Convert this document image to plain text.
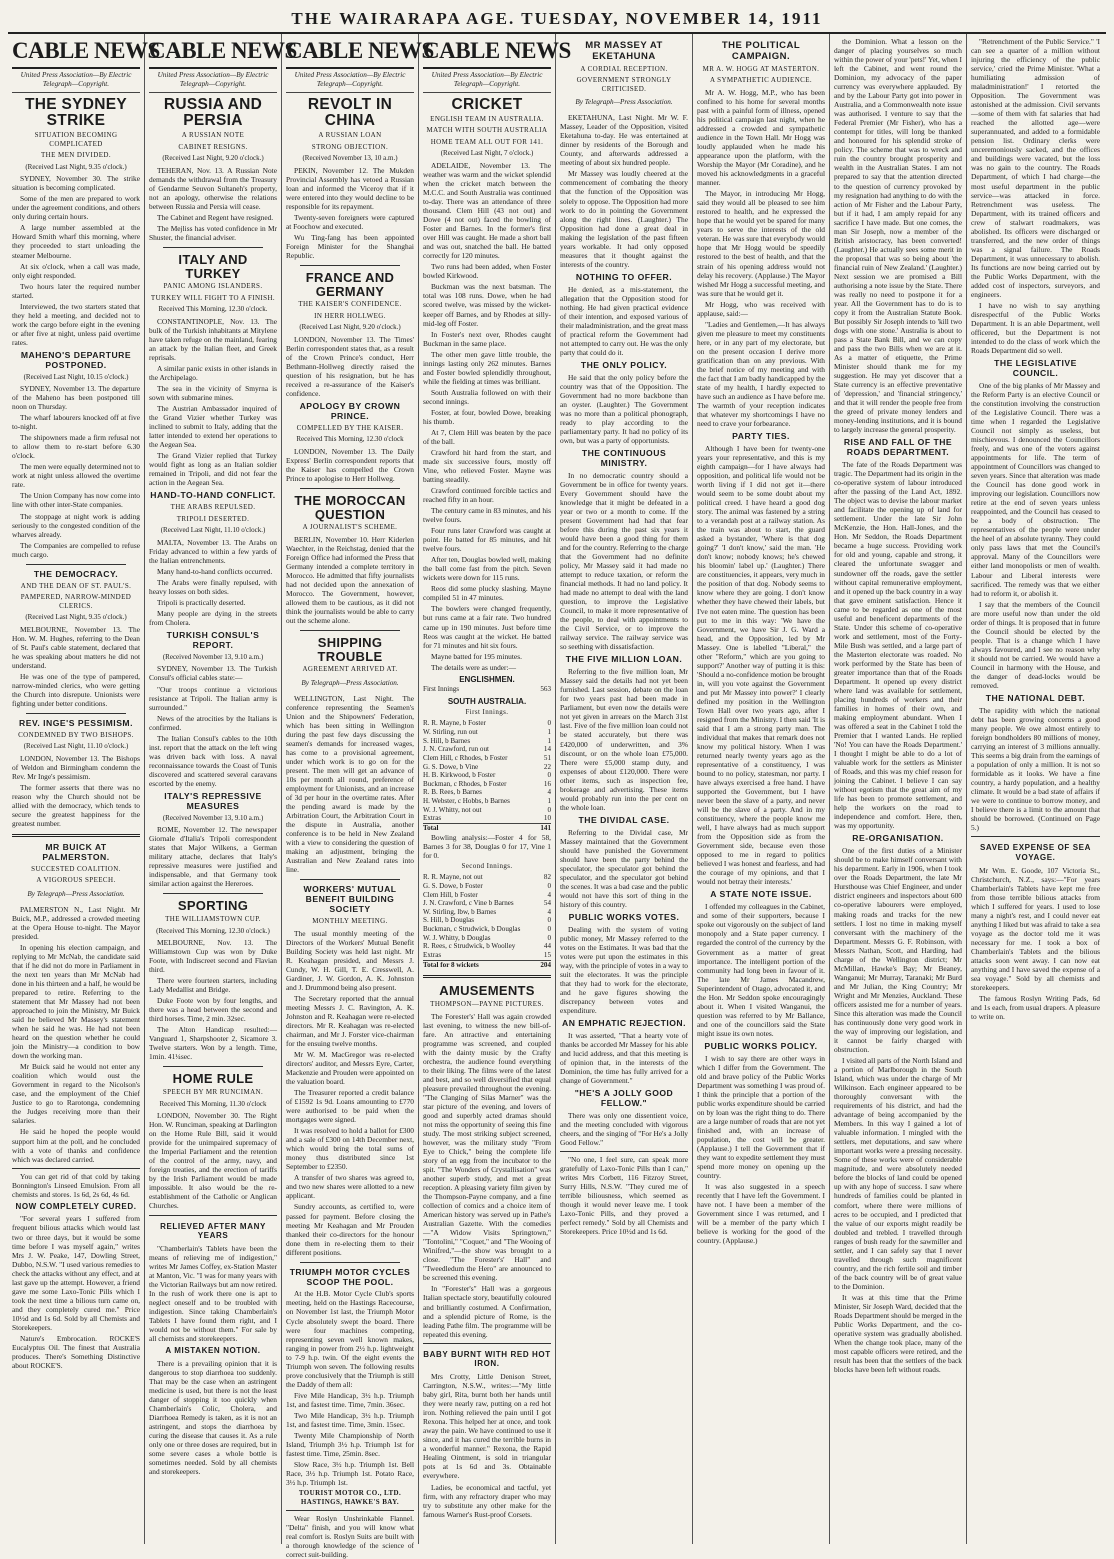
THE WAIRARAPA AGE. TUESDAY, NOVEMBER 14, 1911
CABLE NEWS
United Press Association—By Electric Telegraph—Copyright.
THE SYDNEY STRIKE
SITUATION BECOMING COMPLICATED
THE MEN DIVIDED.
(Received Last Night, 9.35 o'clock.)

SYDNEY, November 30. The strike situation is becoming complicated.

Some of the men are prepared to work under the agreement conditions, and others only during certain hours.

A large number assembled at the Howard Smith wharf this morning, where they proceeded to start unloading the steamer Melbourne.

At six o'clock, when a call was made, only eight responded.

Two hours later the required number started.

Interviewed, the two starters stated that they held a meeting, and decided not to work the cargo before eight in the evening or after five at night, unless paid overtime rates.

MAHENO'S DEPARTURE POSTPONED.
(Received Last Night, 10.15 o'clock.)

SYDNEY, November 13. The departure of the Maheno has been postponed till noon on Thursday.

The wharf labourers knocked off at five to-night.

The shipowners made a firm refusal not to allow them to re-start before 6.30 o'clock.

The men were equally determined not to work at night unless allowed the overtime rate.

The Union Company has now come into line with other inter-State companies.

The stoppage at night work is adding seriously to the congested condition of the wharves already.

The Companies are compelled to refuse much cargo.

THE DEMOCRACY.
AND THE DEAN OF ST. PAUL'S.
PAMPERED, NARROW-MINDED CLERICS.
(Received Last Night, 9.35 o'clock.)

MELBOURNE, November 13. The Hon. W. M. Hughes, referring to the Dean of St. Paul's cable statement, declared that he was speaking about matters he did not understand.

He was one of the type of pampered, narrow-minded clerics, who were getting the Church into disrepute. Unionists were fighting under better conditions.

REV. INGE'S PESSIMISM.
CONDEMNED BY TWO BISHOPS.
(Received Last Night, 11.10 o'clock.)

LONDON, November 13. The Bishops of Weldon and Birmingham condemn the Rev. Mr Inge's pessimism.

The former asserts that there was no reason why the Church should not be allied with the democracy, which tends to secure the greatest happiness for the greatest number.

MR BUICK AT PALMERSTON.
SUCCESTED COALITION.
A VIGOROUS SPEECH.
By Telegraph—Press Association.

PALMERSTON N., Last Night. Mr Buick, M.P., addressed a crowded meeting at the Opera House to-night. The Mayor presided.

In opening his election campaign, and replying to Mr McNab, the candidate said that if he did not do more in Parliament in the next ten years than Mr McNab had done in his thirteen and a half, he would be prepared to retire. Referring to the statement that Mr Massey had not been approached to join the Ministry, Mr Buick said he believed Mr Massey's statement when he said he was. He had not been heard on the question whether he could join the Ministry—a condition to bow down the working man.

Mr Buick said he would not enter any coalition which would oust the Government in regard to the Nicolson's case, and the employment of the Chief Justice to go to Rarotonga, condemning the Judges receiving more than their salaries.

He said he hoped the people would support him at the poll, and he concluded with a vote of thanks and confidence which was declared carried.

You can get rid of that cold by taking Bonnington's Linseed Emulsion. From all chemists and stores. 1s 6d, 2s 6d, 4s 6d.

NOW COMPLETELY CURED.

"For several years I suffered from frequent bilious attacks which would last two or three days, but it would be some time before I was myself again," writes Mrs J. W. Peake, 147, Dowling Street, Dubbo, N.S.W. "I used various remedies to check the attacks without any effect, and at last gave up the attempt. However, a friend gave me some Laxo-Tonic Pills which I took the next time a bilious turn came on, and they completely cured me." Price 10½d and 1s 6d. Sold by all Chemists and Storekeepers.

Nature's Embrocation. ROCKE'S Eucalyptus Oil. The finest that Australia produces. There's Something Distinctive about ROCKE'S.

CABLE NEWS
United Press Association—By Electric Telegraph—Copyright.
RUSSIA AND PERSIA
A RUSSIAN NOTE
CABINET RESIGNS.
(Received Last Night, 9.20 o'clock.)

TEHERAN, Nov. 13. A Russian Note demands the withdrawal from the Treasury of Gendarme Seuvon Sultaneh's property, not an apology, otherwise the relations between Russia and Persia will cease.

The Cabinet and Regent have resigned.

The Mejliss has voted confidence in Mr Shuster, the financial adviser.

ITALY AND TURKEY
PANIC AMONG ISLANDERS.
TURKEY WILL FIGHT TO A FINISH.
Received This Morning, 12.30 o'clock.

CONSTANTINOPLE, Nov. 13. The bulk of the Turkish inhabitants at Mitylene have taken refuge on the mainland, fearing an attack by the Italian fleet, and Greek reprisals.

A similar panic exists in other islands in the Archipelago.

The sea in the vicinity of Smyrna is sown with submarine mines.

The Austrian Ambassador inquired of the Grand Vizier whether Turkey was inclined to submit to Italy, adding that the latter intended to extend her operations to the Aegean Sea.

The Grand Vizier replied that Turkey would fight as long as an Italian soldier remained in Tripoli, and did not fear the action in the Aegean Sea.

HAND-TO-HAND CONFLICT.
THE ARABS REPULSED.
TRIPOLI DESERTED.
(Received Last Night, 11.10 o'clock.)

MALTA, November 13. The Arabs on Friday advanced to within a few yards of the Italian entrenchments.

Many hand-to-hand conflicts occurred.

The Arabs were finally repulsed, with heavy losses on both sides.

Tripoli is practically deserted.

Many people are dying in the streets from Cholera.

TURKISH CONSUL'S REPORT.
(Received November 13, 9.10 a.m.)

SYDNEY, November 13. The Turkish Consul's official cables state:—

"Our troops continue a victorious resistance at Tripoli. The Italian army is surrounded."

News of the atrocities by the Italians is confirmed.

The Italian Consul's cables to the 10th inst. report that the attack on the left wing was driven back with loss. A naval reconnaissance towards the Coast of Tunis discovered and scattered several caravans escorted by the enemy.

ITALY'S REPRESSIVE MEASURES
(Received November 13, 9.10 a.m.)

ROME, November 12. The newspaper Giornale d'Italia's Tripoli correspondent states that Major Wilkens, a German military attache, declares that Italy's repressive measures were justified and indispensable, and that Germany took similar action against the Hereroes.

SPORTING
THE WILLIAMSTOWN CUP.
(Received This Morning, 12.30 o'clock.)

MELBOURNE, Nov. 13. The Williamstown Cup was won by Duke Foote, with Indiscreet second and Flavian third.

There were fourteen starters, including Lady Medallist and Bridge.

Duke Foote won by four lengths, and there was a head between the second and third horses. Time, 2 min. 32sec.

The Alton Handicap resulted:—Vanguard 1, Sharpshooter 2, Sicamore 3. Twelve starters. Won by a length. Time, 1min. 41¼sec.

HOME RULE
SPEECH BY MR RUNCIMAN.
Received This Morning, 11.30 o'clock

LONDON, November 30. The Right Hon. W. Runciman, speaking at Darlington on the Home Rule Bill, said it would provide for the unimpaired supremacy of the Imperial Parliament and the retention of the control of the army, navy, and foreign treaties, and the erection of tariffs by the Irish Parliament would be made impossible. It also would be the re-establishment of the Catholic or Anglican Churches.

RELIEVED AFTER MANY YEARS

"Chamberlain's Tablets have been the means of relieving me of indigestion," writes Mr James Coffey, ex-Station Master at Manton, Vic. "I was for many years with the Victorian Railways but am now retired. In the rush of work there one is apt to neglect oneself and to be troubled with indigestion. Since taking Chamberlain's Tablets I have found them right, and I would not be without them." For sale by all chemists and storekeepers.

A MISTAKEN NOTION.

There is a prevailing opinion that it is dangerous to stop diarrhoea too suddenly. That may be the case when an astringent medicine is used, but there is not the least danger of stopping it too quickly when Chamberlain's Colic, Cholera, and Diarrhoea Remedy is taken, as it is not an astringent, and stops the diarrhoea by curing the disease that causes it. As a rule only one or three doses are required, but in some severe cases a whole bottle is sometimes needed. Sold by all chemists and storekeepers.

CABLE NEWS
United Press Association—By Electric Telegraph—Copyright.
REVOLT IN CHINA
A RUSSIAN LOAN
STRONG OBJECTION.
(Received November 13, 10 a.m.)

PEKIN, November 12. The Mukden Provincial Assembly has vetoed a Russian loan and informed the Viceroy that if it were entered into they would decline to be responsible for its repayment.

Twenty-seven foreigners were captured at Foochow and executed.

Wu Ting-fang has been appointed Foreign Minister for the Shanghai Republic.

FRANCE AND GERMANY
THE KAISER'S CONFIDENCE.
IN HERR HOLLWEG.
(Received Last Night, 9.20 o'clock.)

LONDON, November 13. The Times' Berlin correspondent states that, as a result of the Crown Prince's conduct, Herr Bethmann-Hollweg directly raised the question of his resignation, but he has received a re-assurance of the Kaiser's confidence.

APOLOGY BY CROWN PRINCE.
COMPELLED BY THE KAISER.
Received This Morning, 12.30 o'clock

LONDON, November 13. The Daily Express' Berlin correspondent reports that the Kaiser has compelled the Crown Prince to apologise to Herr Hollweg.

THE MOROCCAN QUESTION
A JOURNALIST'S SCHEME.

BERLIN, November 10. Herr Kiderlen Waechter, in the Reichstag, denied that the Foreign Office had informed the Press that Germany intended a complete territory in Morocco. He admitted that fifty journalists had not decided upon the annexation of Morocco. The Government, however, allowed them to be cautious, as it did not think the journalists would be able to carry out the scheme alone.

SHIPPING TROUBLE
AGREEMENT ARRIVED AT.
By Telegraph—Press Association.

WELLINGTON, Last Night. The conference representing the Seamen's Union and the Shipowners' Federation, which has been sitting in Wellington during the past few days discussing the seamen's demands for increased wages, has come to a provisional agreement, under which work is to go on for the present. The men will get an advance of 10s per month all round, preference of employment for Unionists, and an increase of 3d per hour in the overtime rates. After the pending award is made by the Arbitration Court, the Arbitration Court in the dispute in Australia, another conference is to be held in New Zealand with a view to considering the question of making an adjustment, bringing the Australian and New Zealand rates into line.

WORKERS' MUTUAL BENEFIT BUILDING SOCIETY
MONTHLY MEETING.

The usual monthly meeting of the Directors of the Workers' Mutual Benefit Building Society was held last night. Mr R. Keahagan presided, and Messrs J. Cundy, W. H. Gill, T. E. Cresswell, A. Gardiner, J. W. Gordon, A. K. Johnston and J. Drummond being also present.

The Secretary reported that the annual meeting Messrs J. C. Ravington, A. K. Johnston and R. Keahagan were re-elected directors. Mr R. Keahagan was re-elected chairman, and Mr J. Forster vice-chairman for the ensuing twelve months.

Mr W. M. MacGregor was re-elected directors' auditor, and Messrs Eyre, Carter, Mackenzie and Prouden were appointed on the valuation board.

The Treasurer reported a credit balance of £1592 1s 9d. Loans amounting to £770 were authorised to be paid when the mortgages were signed.

It was resolved to hold a ballot for £300 and a sale of £300 on 14th December next, which would bring the total sums of money thus distributed since 1st September to £2350.

A transfer of two shares was agreed to, and two new shares were allotted to a new applicant.

Sundry accounts, as certified to, were passed for payment. Before closing the meeting Mr Keahagan and Mr Prouden thanked their co-directors for the honour done them in re-electing them to their different positions.

TRIUMPH MOTOR CYCLES SCOOP THE POOL.

At the H.B. Motor Cycle Club's sports meeting, held on the Hastings Racecourse, on November 1st last, the Triumph Motor Cycle absolutely swept the board. There were four machines competing, representing seven well known makes, ranging in power from 2½ h.p. lightweight to 7-9 h.p. twin. Of the eight events the Triumph won seven. The following results prove conclusively that the Triumph is still the Daddy of them all:

Five Mile Handicap, 3½ h.p. Triumph 1st, and fastest time. Time, 7min. 36sec.

Two Mile Handicap, 3½ h.p. Triumph 1st, and fastest time. Time, 3min. 15sec.

Twenty Mile Championship of North Island, Triumph 3½ h.p. Triumph 1st for fastest time. Time, 25min. 8sec.

Slow Race, 3½ h.p. Triumph 1st. Bell Race, 3½ h.p. Triumph 1st. Potato Race, 3½ h.p. Triumph 1st.

TOURIST MOTOR CO., LTD. HASTINGS, HAWKE'S BAY.

Wear Roslyn Unshrinkable Flannel. "Delta" finish, and you will know what real comfort is. Roslyn Suits are built with a thorough knowledge of the science of correct suit-building.

CABLE NEWS
United Press Association—By Electric Telegraph—Copyright.
CRICKET
ENGLISH TEAM IN AUSTRALIA.
MATCH WITH SOUTH AUSTRALIA
HOME TEAM ALL OUT FOR 141.
(Received Last Night, 7 o'clock.)

ADELAIDE, November 13. The weather was warm and the wicket splendid when the cricket match between the M.C.C. and South Australia was continued to-day. There was an attendance of three thousand. Clem Hill (43 not out) and Dowe (4 not out) faced the bowling of Foster and Barnes. In the former's first over Hill was caught. He made a short ball and was out, snatched the ball. He batted correctly for 120 minutes.

Two runs had been added, when Foster bowled Kirkwood.

Buckman was the next batsman. The total was 108 runs. Dowe, when he had scored twelve, was missed by the wicket-keeper off Barnes, and by Rhodes at silly-mid-leg off Foster.

In Foster's next over, Rhodes caught Buckman in the same place.

The other men gave little trouble, the innings lasting only 262 minutes. Barnes and Foster bowled splendidly throughout, while the fielding at times was brilliant.

South Australia followed on with their second innings.

Foster, at four, bowled Dowe, breaking his thumb.

At 7, Clem Hill was beaten by the pace of the ball.

Crawford hit hard from the start, and made six successive fours, mostly off Vine, who relieved Foster. Mayne was batting steadily.

Crawford continued forcible tactics and reached fifty in an hour.

The century came in 83 minutes, and his twelve fours.

Four runs later Crawford was caught at point. He batted for 85 minutes, and hit twelve fours.

After ten, Douglas bowled well, making the ball come fast from the pitch. Seven wickets were down for 115 runs.

Reos did some plucky slashing. Mayne compiled 51 in 47 minutes.

The bowlers were changed frequently, but runs came at a fair rate. Two hundred came up in 190 minutes. Just before time Reos was caught at the wicket. He batted for 71 minutes and hit six fours.

Mayne batted for 195 minutes.

The details were as under:—

ENGLISHMEN.
First Innings	563
SOUTH AUSTRALIA.
First Innings.
R. R. Mayne, b Foster	0
W. Stirling, run out	1
S. Hill, b Barnes	1
J. N. Crawford, run out	14
Clem Hill, c Rhodes, b Foster	51
G. S. Dowe, b Vine	22
H. B. Kirkwood, b Foster	0
Buckman, c Rhodes, b Foster	16
R. B. Rees, b Barnes	4
H. Webster, c Hobbs, b Barnes	1
W. J. Whitty, not out	0
Extras	10
Total	141

Bowling analysis:—Foster 4 for 58, Barnes 3 for 38, Douglas 0 for 17, Vine 1 for 0.

Second Innings.
R. R. Mayne, not out	82
G. S. Dowe, b Foster	0
Clem Hill, b Foster	4
J. N. Crawford, c Vine b Barnes	54
W. Stirling, lbw, b Barnes	4
S. Hill, b Douglas	0
Buckman, c Strudwick, b Douglas	0
W. J. Whitty, b Douglas	0
R. Rees, c Strudwick, b Woolley	44
Extras	15
Total for 8 wickets	204
AMUSEMENTS
THOMPSON—PAYNE PICTURES.

The Forester's' Hall was again crowded last evening, to witness the new bill-of-fare. An attractive and entertaining programme was screened, and coupled with the dainty music by the Crafty orchestra, the audience found everything to their liking. The films were of the latest and best, and so well diversified that equal pleasure prevailed throughout the evening. "The Clanging of Silas Marner" was the star picture of the evening, and lovers of good and superbly acted dramas should not miss the opportunity of seeing this fine study. The most striking subject screened, however, was the military study "From Eye to Chick," being the complete life story of an egg from the incubator to the spit. "The Wonders of Crystallisation" was another superb study, and met a great reception. A pleasing variety film given by the Thompson-Payne company, and a fine collection of comics and a choice item of American history was served up in Pathe's Australian Gazette. With the comedies—"A Widow Visits Springtown," "Tontolini," "Coquet," and "The Wooing of Winifred,"—the show was brought to a close. "The Forester's' Hall" and "Tweedledum the Hero" are announced to be screened this evening.

In "Forester's" Hall was a gorgeous Italian spectacle story, beautifully coloured and brilliantly costumed. A Confirmation, and a splendid picture of Rome, is the leading Pathe film. The programme will be repeated this evening.

BABY BURNT WITH RED HOT IRON.

Mrs Crotty, Little Denison Street, Carrington, N.S.W., writes:—"My little baby girl, Rita, burnt both her hands until they were nearly raw, putting on a red hot iron. Nothing relieved the pain until I got Rexona. This helped her at once, and took away the pain. We have continued to use it since, and it has cured the terrible burns in a wonderful manner." Rexona, the Rapid Healing Ointment, is sold in triangular pots at 1s 6d and 3s. Obtainable everywhere.

Ladies, be economical and tactful, yet firm, with any refractory draper who may try to substitute any other make for the famous Warner's Rust-proof Corsets.

MR MASSEY AT EKETAHUNA
A CORDIAL RECEPTION.
GOVERNMENT STRONGLY CRITICISED.
By Telegraph—Press Association.

EKETAHUNA, Last Night. Mr W. F. Massey, Leader of the Opposition, visited Eketahuna to-day. He was entertained at dinner by residents of the Borough and County, and afterwards addressed a meeting of about six hundred people.

Mr Massey was loudly cheered at the commencement of combating the theory that the function of the Opposition was solely to oppose. The Opposition had more work to do in pointing the Government along the right lines. (Laughter.) The Opposition had done a great deal in making the legislation of the past fifteen years workable. It had only opposed measures that it thought against the interests of the country.

NOTHING TO OFFER.

He denied, as a mis-statement, the allegation that the Opposition stood for nothing. He had given practical evidence of their intention, and exposed various of their maladministration, and the great mass of practical reform the Government had not attempted to carry out. He was the only party that could do it.

THE ONLY POLICY.

He said that the only policy before the country was that of the Opposition. The Government had no more backbone than an oyster. (Laughter.) The Government was no more than a political phonograph, ready to play according to the parliamentary party. It had no policy of its own, but was a party of opportunists.

THE CONTINUOUS MINISTRY.

In no democratic country should a Government be in office for twenty years. Every Government should have the knowledge that it might be defeated in a year or two or a month to come. If the present Government had had that fear before this during the past six years it would have been a good thing for them and for the country. Referring to the charge that the Government had no definite policy, Mr Massey said it had made no attempt to reduce taxation, or reform the financial methods. It had no land policy. It had made no attempt to deal with the land question, to improve the Legislative Council, to make it more representative of the people, to deal with appointments to the Civil Service, or to improve the railway service. The railway service was so seething with dissatisfaction.

THE FIVE MILLION LOAN.

Referring to the five million loan, Mr Massey said the details had not yet been furnished. Last session, debate on the loan for two years past had been made in Parliament, but even now the details were not yet given in arrears on the March 31st last. Five of the five million loan could not be stated accurately, but there was £420,000 of underwritten, and 3% discount, or on the whole loan £75,000. There were £5,000 stamp duty, and expenses of about £120,000. There were other items, such as inspection fee, brokerage and advertising. These items would probably run into the per cent on the whole loan.

THE DIVIDAL CASE.

Referring to the Dividal case, Mr Massey maintained that the Government should have punished the Government should have been the party behind the speculator, the speculator got behind the speculator, and the speculator got behind the scenes. It was a bad case and the public would not have this sort of thing in the history of this country.

PUBLIC WORKS VOTES.

Dealing with the system of voting public money, Mr Massey referred to the votes on the Estimates. It was bad that the votes were put upon the estimates in this way, with the principle of votes in a way to suit the electorates. It was the principle that they had to work for the electorate, and he gave figures showing the discrepancy between votes and expenditure.

AN EMPHATIC REJECTION.

It was asserted, "That a hearty vote of thanks be accorded Mr Massey for his able and lucid address, and that this meeting is of opinion that, in the interests of the Dominion, the time has fully arrived for a change of Government."

"HE'S A JOLLY GOOD FELLOW."

There was only one dissentient voice, and the meeting concluded with vigorous cheers, and the singing of "For He's a Jolly Good Fellow."

"No one, I feel sure, can speak more gratefully of Laxo-Tonic Pills than I can," writes Mrs Corbett, 116 Fitzroy Street, Surry Hills, N.S.W. "They cured me of terrible biliousness, which seemed as though it would never leave me. I took Laxo-Tonic Pills, and they proved a perfect remedy." Sold by all Chemists and Storekeepers. Price 10½d and 1s 6d.

THE POLITICAL CAMPAIGN.
MR A. W. HOGG AT MASTERTON.
A SYMPATHETIC AUDIENCE.

Mr A. W. Hogg, M.P., who has been confined to his home for several months past with a painful form of illness, opened his political campaign last night, when he addressed a crowded and sympathetic audience in the Town Hall. Mr Hogg was loudly applauded when he made his appearance upon the platform, with the Worship the Mayor (Mr Coradine), and he moved his acknowledgments in a graceful manner.

The Mayor, in introducing Mr Hogg, said they would all be pleased to see him restored to health, and he expressed the hope that he would yet be spared for many years to serve the interests of the old veteran. He was sure that everybody would hope that Mr Hogg would be speedily restored to the best of health, and that the strain of his opening address would not delay his recovery. (Applause.) The Mayor wished Mr Hogg a successful meeting, and was sure that he would get it.

Mr Hogg, who was received with applause, said:—

"Ladies and Gentlemen,—It has always given me pleasure to meet my constituents here, or in any part of my electorate, but on the present occasion I derive more gratification than on any previous. With the brief notice of my meeting and with the fact that I am badly handicapped by the state of my health, I hardly expected to have such an audience as I have before me. The warmth of your reception indicates that whatever my shortcomings I have no need to crave your forbearance.

PARTY TIES.

Although I have been for twenty-one years your representative, and this is my eighth campaign—for I have always had opposition, and political life would not be worth living if I did not get it—there would seem to be some doubt about my political creed. I have heard a good dog story. The animal was fastened by a string to a verandah post at a railway station. As the train was about to start, the guard asked a bystander, 'Where is that dog going?' 'I don't know,' said the man. 'He don't know; nobody knows; he's chewed his bloomin' label up.' (Laughter.) There are constituencies, it appears, very much in the position of that dog. Nobody seems to know where they are going. I don't know whether they have chewed their labels, but I've not eaten mine. The question has been put to me in this way: 'We have the Government, we have Sir J. G. Ward a head, and the Opposition, led by Mr Massey. One is labelled "Liberal," the other "Reform," which are you going to support?' Another way of putting it is this: 'Should a no-confidence motion be brought in, will you vote against the Government and put Mr Massey into power?' I clearly defined my position in the Wellington Town Hall over two years ago, after I resigned from the Ministry. I then said 'It is said that I am a strong party man. The individual that makes that remark does not know my political history. When I was returned nearly twenty years ago as the representative of a constituency, I was bound to no policy, statesman, nor party. I have always exercised a free hand. I have supported the Government, but I have never been the slave of a party, and never will be the slave of a party. And in my constituency, where the people know me well, I have always had as much support from the Opposition side as from the Government side, because even those opposed to me in regard to politics believed I was honest and fearless, and had the courage of my opinions, and that I would not betray their interests.'

A STATE NOTE ISSUE.

I offended my colleagues in the Cabinet, and some of their supporters, because I spoke out vigorously on the subject of land monopoly and a State paper currency. I regarded the control of the currency by the Government as a matter of great importance. The intelligent portion of the community had long been in favour of it. The late Mr James Macandrew, Superintendent of Otago, advocated it, and the Hon. Mr Seddon spoke encouragingly about it. When I visited Wanganui, the question was referred to by Mr Ballance, and one of the councillors said the State might issue its own notes.

PUBLIC WORKS POLICY.

I wish to say there are other ways in which I differ from the Government. The old and brave policy of the Public Works Department was something I was proud of. I think the principle that a portion of the public works expenditure should be carried on by loan was the right thing to do. There are a large number of roads that are not yet finished and, with an increase of population, the cost will be greater. (Applause.) I tell the Government that if they want to expedite settlement they must spend more money on opening up the country.

It was also suggested in a speech recently that I have left the Government. I have not. I have been a member of the Government since I was returned, and I will be a member of the party which I believe is working for the good of the country. (Applause.)

the Dominion. What a lesson on the danger of placing yourselves so much within the power of your 'pets!' Yet, when I left the Cabinet, and went round the Dominion, my advocacy of the paper currency was everywhere applauded. By and by the Labour Party got into power in Australia, and a Commonwealth note issue was authorised. I venture to say that the Federal Premier (Mr Fisher), who has a contempt for titles, will long be thanked and honoured for his splendid stroke of policy. The scheme that was to wreck and ruin the country brought prosperity and wealth in the Australian States. I am not prepared to say that the attention directed to the question of currency provoked by my resignation had anything to do with the action of Mr Fisher and the Labour Party, but if it had, I am amply repaid for any sacrifice I have made. But one comes, the man Sir Joseph, now a member of the British aristocracy, has been converted! (Laughter.) He actually sees some merit in the proposal that was so being about 'the financial ruin of New Zealand.' (Laughter.) Next session we are promised a Bill authorising a note issue by the State. There was really no need to postpone it for a year. All the Government has to do is to copy it from the Australian Statute Book. But possibly Sir Joseph intends to 'kill two dogs with one stone.' Australia is about to pass a State Bank Bill, and we can copy and pass the two Bills when we are at it. As a matter of etiquette, the Prime Minister should thank me for my suggestion. He may yet discover that a State currency is an effective preventative of 'depression,' and 'financial stringency,' and that it will render the people free from the greed of private money lenders and money-lending institutions, and it is bound to largely increase the general prosperity.

RISE AND FALL OF THE ROADS DEPARTMENT.

The fate of the Roads Department was tragic. The Department had its origin in the co-operative system of labour introduced after the passing of the Land Act, 1892. The object was to devise the labour market and facilitate the opening up of land for settlement. Under the late Sir John McKenzie, the Hon. Hall-Jones, and the Hon. Mr Seddon, the Roads Department became a huge success. Providing work for old and young, capable and strong, it cleared the unfortunate swagger and sundowner off the roads, gave the settler without capital remunerative employment, and it opened up the back country in a way that gave eminent satisfaction. Hence it came to be regarded as one of the most useful and beneficent departments of the State. Under this scheme of co-operative work and settlement, most of the Forty-Mile Bush was settled, and a large part of the Masterton electorate was roaded. No work performed by the State has been of greater importance than that of the Roads Department. It opened up every district where land was available for settlement, placing hundreds of workers and their families in homes of their own, and making employment abundant. When I was offered a seat in the Cabinet I told the Premier that I wanted Lands. He replied 'No! You can have the Roads Department.' I thought I might be able to do a lot of valuable work for the settlers as Minister of Roads, and this was my chief reason for joining the Cabinet. I believe I can say without egotism that the great aim of my life has been to promote settlement, and help the workers on the road to independence and comfort. Here, then, was my opportunity.

RE-ORGANISATION.

One of the first duties of a Minister should be to make himself conversant with his department. Early in 1906, when I took over the Roads Department, the late Mr Hursthouse was Chief Engineer, and under district engineers and inspectors about 600 co-operative labourers were employed, making roads and tracks for the new settlers. I lost no time in making myself conversant with the machinery of the Department. Messrs G. F. Robinson, with Messrs Nathan, Scott, and Harding, had charge of the Wellington district; Mr McMillan, Hawke's Bay; Mr Beaney, Wanganui; Mr Murray, Taranaki; Mr Burd and Mr Julian, the King Country; Mr Wright and Mr Menzies, Auckland. These officers assisted me for a number of years. Since this alteration was made the Council has continuously done very good work in the way of improving our legislation, and it cannot be fairly charged with obstruction.

I visited all parts of the North Island and a portion of Marlborough in the South Island, which was under the charge of Mr Wilkinson. Each engineer appeared to be thoroughly conversant with the requirements of his district, and had the advantage of being accompanied by the Members. In this way I gained a lot of valuable information. I mingled with the settlers, met deputations, and saw where important works were a pressing necessity. Some of these works were of considerable magnitude, and were absolutely needed before the blocks of land could be opened up with any hope of success. I saw where hundreds of families could be planted in comfort, where there were millions of acres to be occupied, and I predicted that the value of our exports might readily be doubled and trebled. I travelled through ranges of bush ready for the sawmiller and settler, and I can safely say that I never travelled through such magnificent country, and the rich fertile soil and timber of the back country will be of great value to the Dominion.

It was at this time that the Prime Minister, Sir Joseph Ward, decided that the Roads Department should be merged in the Public Works Department, and the co-operative system was gradually abolished. When the change took place, many of the most capable officers were retired, and the result has been that the settlers of the back blocks have been left without roads.

"Retrenchment of the Public Service." 'I can see a quarter of a million without injuring the efficiency of the public service,' cried the Prime Minister. 'What a humiliating admission of maladministration!' I retorted the Opposition. The Government was astonished at the admission. Civil servants—some of them with fat salaries that had reached the allotted age—were superannuated, and added to a formidable pension list. Ordinary clerks were unceremoniously sacked, and the offices and buildings were vacated, but the loss was no gain to the country. The Roads Department, of which I had charge—the most useful department in the public service—was attacked in force. Retrenchment was useless. The Department, with its trained officers and crew of stalwart roadmakers, was abolished. Its officers were discharged or transferred, and the new order of things was a signal failure. The Roads Department, it was unnecessary to abolish. Its functions are now being carried out by the Public Works Department, with the added cost of inspectors, surveyors, and engineers.

I have no wish to say anything disrespectful of the Public Works Department. It is an able Department, well officered, but the Department is not intended to do the class of work which the Roads Department did so well.

THE LEGISLATIVE COUNCIL.

One of the big planks of Mr Massey and the Reform Party is an elective Council or the constitution involving the construction of the Legislative Council. There was a time when I regarded the Legislative Council not simply as useless, but mischievous. I denounced the Councillors freely, and was one of the voters against appointments for life. The term of appointment of Councillors was changed to seven years. Since that alteration was made the Council has done good work in improving our legislation. Councillors now retire at the end of seven years unless reappointed, and the Council has ceased to be a body of obstruction. The representatives of the people were under the heel of an absolute tyranny. They could only pass laws that met the Council's approval. Many of the Councillors were either land monopolists or men of wealth. Labour and Liberal interests were sacrificed. The remedy was that we either had to reform it, or abolish it.

I say that the members of the Council are more useful now than under the old order of things. It is proposed that in future the Council should be elected by the people. That is a change which I have always favoured, and I see no reason why it should not be carried. We would have a Council in harmony with the House, and the danger of dead-locks would be removed.

THE NATIONAL DEBT.

The rapidity with which the national debt has been growing concerns a good many people. We owe almost entirely to foreign bondholders 80 millions of money, carrying an interest of 3 millions annually. This seems a big drain from the earnings of a population of only a million. It is not so formidable as it looks. We have a fine country, a hardy population, and a healthy climate. It would be a bad state of affairs if we were to continue to borrow money, and I believe there is a limit to the amount that should be borrowed. (Continued on Page 5.)

SAVED EXPENSE OF SEA VOYAGE.

Mr Wm. E. Goode, 107 Victoria St., Christchurch, N.Z., says:—"For years Chamberlain's Tablets have kept me free from those terrible bilious attacks from which I suffered for years. I used to lose many a night's rest, and I could never eat anything I liked but was afraid to take a sea voyage as the doctor told me it was necessary for me. I took a box of Chamberlain's Tablets and the bilious attacks soon went away. I can now eat anything and I have saved the expense of a sea voyage." Sold by all chemists and storekeepers.

The famous Roslyn Writing Pads, 6d and 1s each, from usual drapers. A pleasure to write on.
